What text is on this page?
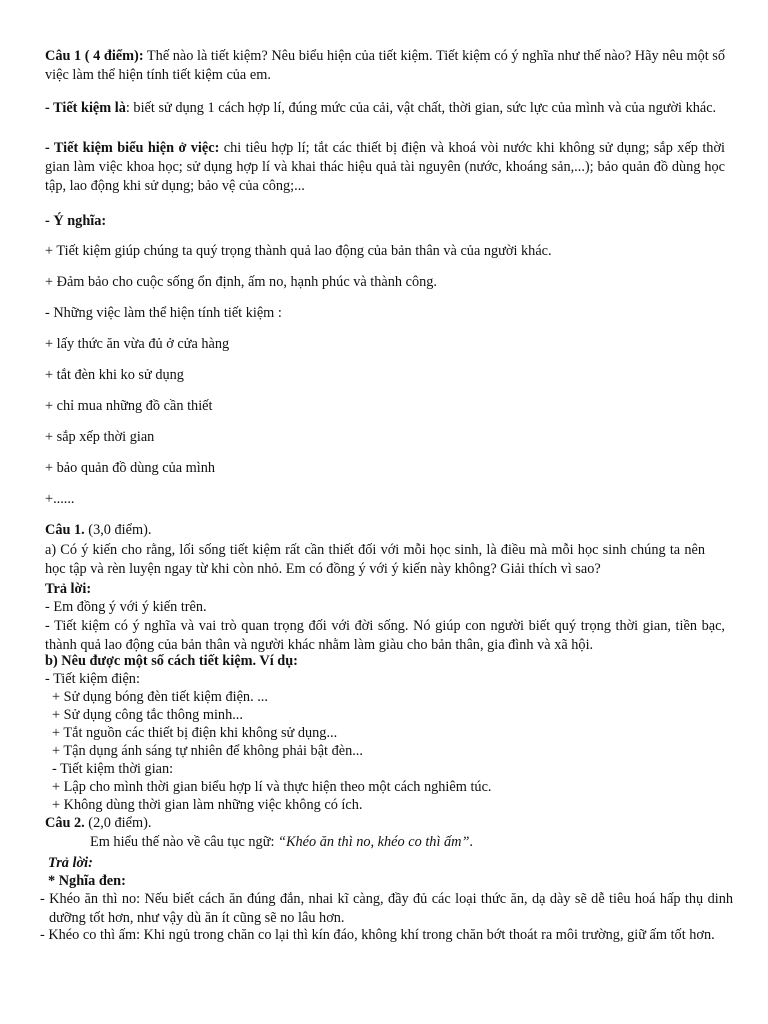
Câu 1 ( 4 điểm): Thế nào là tiết kiệm? Nêu biểu hiện của tiết kiệm. Tiết kiệm có ý nghĩa như thế nào? Hãy nêu một số việc làm thể hiện tính tiết kiệm của em.

- Tiết kiệm là: biết sử dụng 1 cách hợp lí, đúng mức của cải, vật chất, thời gian, sức lực của mình và của người khác.

- Tiết kiệm biểu hiện ở việc: chi tiêu hợp lí; tắt các thiết bị điện và khoá vòi nước khi không sử dụng; sắp xếp thời gian làm việc khoa học; sử dụng hợp lí và khai thác hiệu quả tài nguyên (nước, khoáng sản,...); bảo quản đồ dùng học tập, lao động khi sử dụng; bảo vệ của công;...

- Ý nghĩa:

+ Tiết kiệm giúp chúng ta quý trọng thành quả lao động của bản thân và của người khác.

+ Đảm bảo cho cuộc sống ổn định, ấm no, hạnh phúc và thành công.

- Những việc làm thể hiện tính tiết kiệm :

+ lấy thức ăn vừa đủ ở cửa hàng

+ tắt đèn khi ko sử dụng

+ chỉ mua những đồ cần thiết

+ sắp xếp thời gian

+ bảo quản đồ dùng của mình

+......

Câu 1. (3,0 điểm).

a) Có ý kiến cho rằng, lối sống tiết kiệm rất cần thiết đối với mỗi học sinh, là điều mà mỗi học sinh chúng ta nên học tập và rèn luyện ngay từ khi còn nhỏ. Em có đồng ý với ý kiến này không? Giải thích vì sao?

Trả lời:

- Em đồng ý với ý kiến trên.

- Tiết kiệm có ý nghĩa và vai trò quan trọng đối với đời sống. Nó giúp con người biết quý trọng thời gian, tiền bạc, thành quả lao động của bản thân và người khác nhằm làm giàu cho bản thân, gia đình và xã hội.

b) Nêu được một số cách tiết kiệm. Ví dụ:

- Tiết kiệm điện:

+ Sử dụng bóng đèn tiết kiệm điện. ...

+ Sử dụng công tắc thông minh...

+ Tắt nguồn các thiết bị điện khi không sử dụng...

+ Tận dụng ánh sáng tự nhiên để không phải bật đèn...

- Tiết kiệm thời gian:

+ Lập cho mình thời gian biểu hợp lí và thực hiện theo một cách nghiêm túc.

+ Không dùng thời gian làm những việc không có ích.

Câu 2. (2,0 điểm).

Em hiểu thế nào về câu tục ngữ: “Khéo ăn thì no, khéo co thì ấm”.

Trả lời:

* Nghĩa đen:

- Khéo ăn thì no: Nếu biết cách ăn đúng đắn, nhai kĩ càng, đầy đủ các loại thức ăn, dạ dày sẽ dễ tiêu hoá hấp thụ dinh dưỡng tốt hơn, như vậy dù ăn ít cũng sẽ no lâu hơn.

- Khéo co thì ấm: Khi ngủ trong chăn co lại thì kín đáo, không khí trong chăn bớt thoát ra môi trường, giữ ấm tốt hơn.
